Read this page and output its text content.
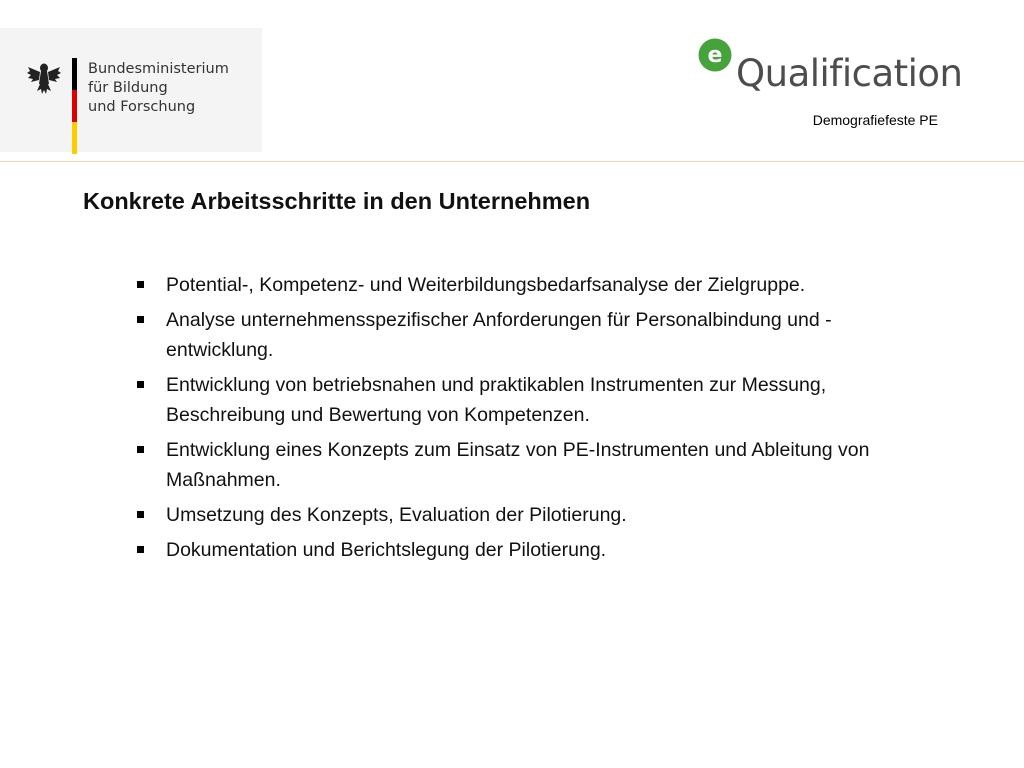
Bundesministerium
für Bildung
und Forschung
e Qualification
Demografiefeste PE
Konkrete Arbeitsschritte in den Unternehmen
Potential-, Kompetenz- und Weiterbildungsbedarfsanalyse der Zielgruppe.
Analyse unternehmensspezifischer Anforderungen für Personalbindung und -entwicklung.
Entwicklung von betriebsnahen und praktikablen Instrumenten zur Messung, Beschreibung und Bewertung von Kompetenzen.
Entwicklung eines Konzepts zum Einsatz von PE-Instrumenten und Ableitung von Maßnahmen.
Umsetzung des Konzepts, Evaluation der Pilotierung.
Dokumentation und Berichtslegung der Pilotierung.
